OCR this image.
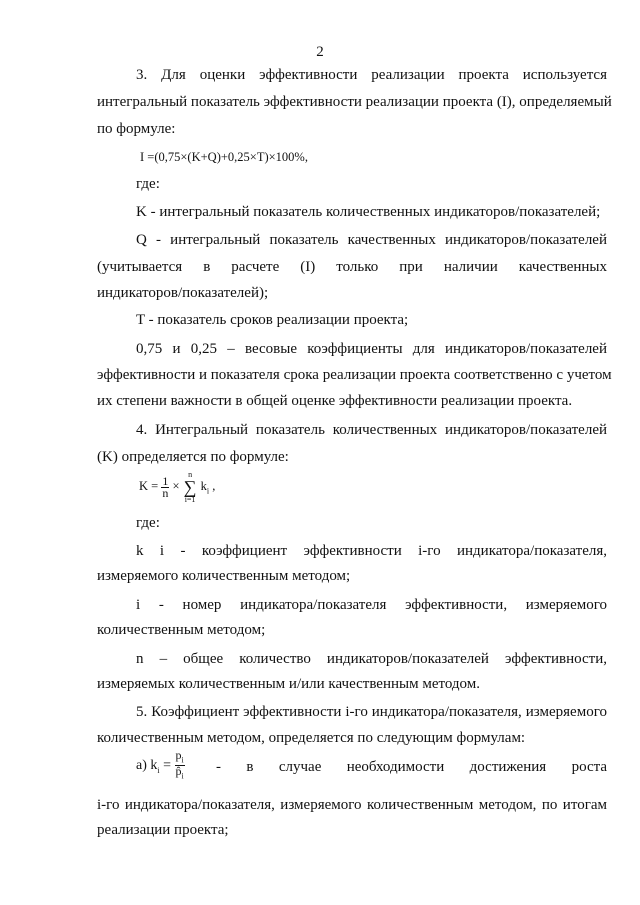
2
3. Для оценки эффективности реализации проекта используется
интегральный показатель эффективности реализации проекта (I), определяемый
по формуле:
I =(0,75×(K+Q)+0,25×T)×100%,
где:
K - интегральный показатель количественных индикаторов/показателей;
Q - интегральный показатель качественных индикаторов/показателей
(учитывается в расчете (I) только при наличии качественных
индикаторов/показателей);
T - показатель сроков реализации проекта;
0,75 и 0,25 – весовые коэффициенты для индикаторов/показателей
эффективности и показателя срока реализации проекта соответственно с учетом
их степени важности в общей оценке эффективности реализации проекта.
4. Интегральный показатель количественных индикаторов/показателей
(K) определяется по формуле:
$K = \frac{1}{n}$ ×
n
∑
i=1
$k_i$ ,
где:
k i - коэффициент эффективности i-го индикатора/показателя,
измеряемого количественным методом;
i - номер индикатора/показателя эффективности, измеряемого
количественным методом;
n – общее количество индикаторов/показателей эффективности,
измеряемых количественным и/или качественным методом.
5. Коэффициент эффективности i-го индикатора/показателя, измеряемого
количественным методом, определяется по следующим формулам:
а) $k_i = \frac{p_i}{p̂_i} - в$ случае необходимости достижения роста
i-го индикатора/показателя, измеряемого количественным методом, по итогам
реализации проекта;
